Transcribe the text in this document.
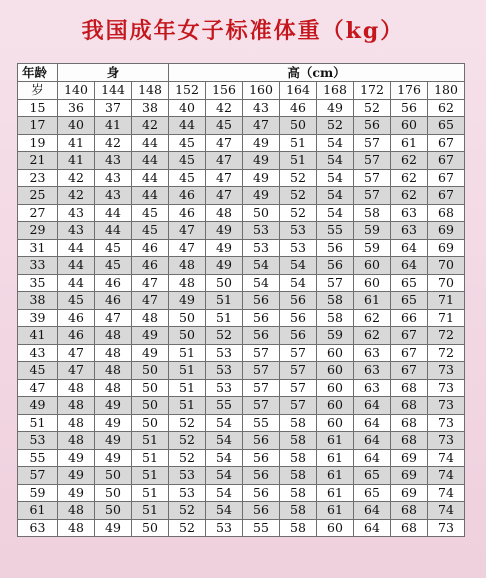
我国成年女子标准体重（kg）
年龄	身			高（cm）							
岁	140	144	148	152	156	160	164	168	172	176	180
15	36	37	38	40	42	43	46	49	52	56	62
17	40	41	42	44	45	47	50	52	56	60	65
19	41	42	44	45	47	49	51	54	57	61	67
21	41	43	44	45	47	49	51	54	57	62	67
23	42	43	44	45	47	49	52	54	57	62	67
25	42	43	44	46	47	49	52	54	57	62	67
27	43	44	45	46	48	50	52	54	58	63	68
29	43	44	45	47	49	53	53	55	59	63	69
31	44	45	46	47	49	53	53	56	59	64	69
33	44	45	46	48	49	54	54	56	60	64	70
35	44	46	47	48	50	54	54	57	60	65	70
38	45	46	47	49	51	56	56	58	61	65	71
39	46	47	48	50	51	56	56	58	62	66	71
41	46	48	49	50	52	56	56	59	62	67	72
43	47	48	49	51	53	57	57	60	63	67	72
45	47	48	50	51	53	57	57	60	63	67	73
47	48	48	50	51	53	57	57	60	63	68	73
49	48	49	50	51	55	57	57	60	64	68	73
51	48	49	50	52	54	55	58	60	64	68	73
53	48	49	51	52	54	56	58	61	64	68	73
55	49	49	51	52	54	56	58	61	64	69	74
57	49	50	51	53	54	56	58	61	65	69	74
59	49	50	51	53	54	56	58	61	65	69	74
61	48	50	51	52	54	56	58	61	64	68	74
63	48	49	50	52	53	55	58	60	64	68	73
